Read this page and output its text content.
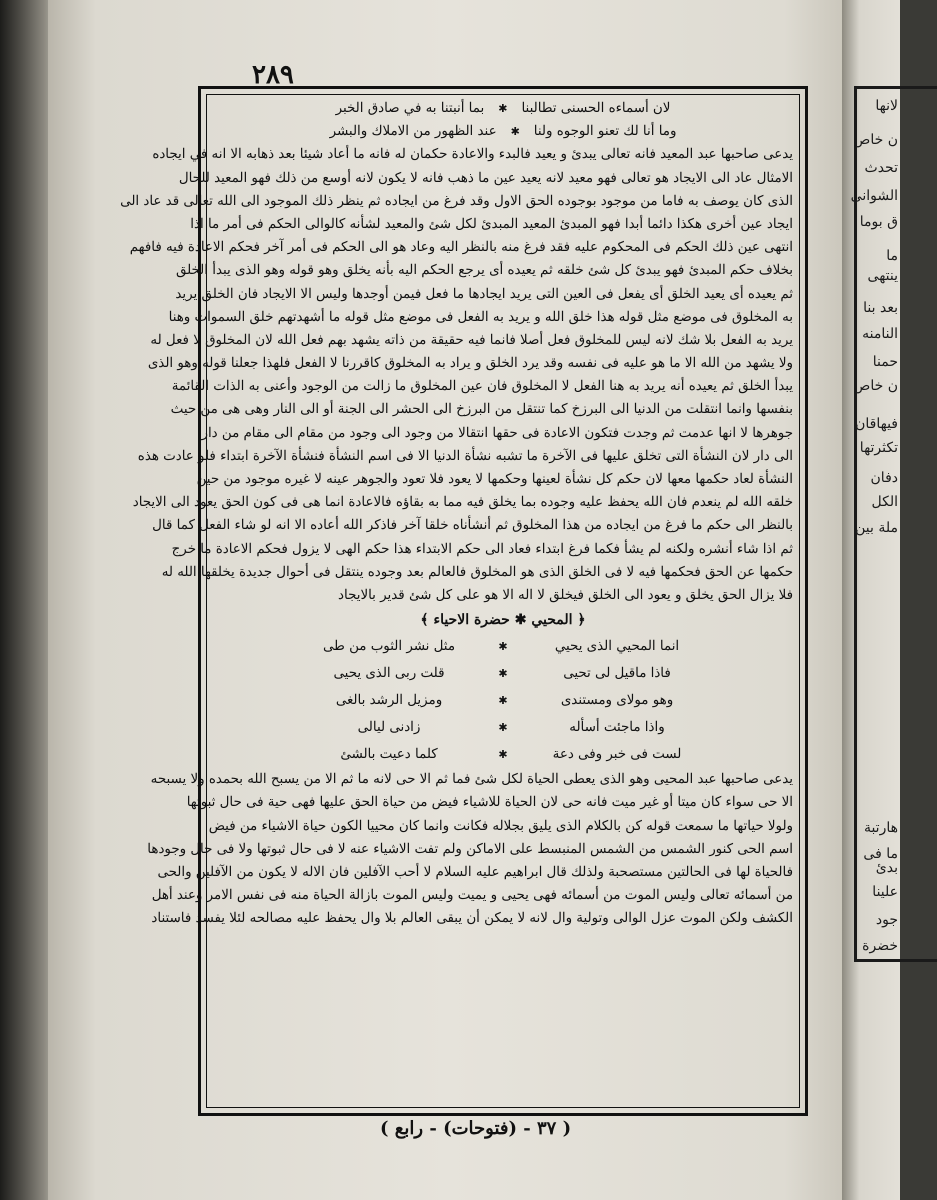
لانها
ن خاص
تحدث
الشوانى
ق بوما
ما
ينتهى
بعد بنا
النامنه
حمنا
ن خاص
فيهاقان
تكثرتها
دفان
الكل
ملة بين
هارتبة
ما فى
بدئ
علينا
جود
خضرة
٢٨٩
لان أسماءه الحسنى تطالبنا
✱
بما أنبتنا به في صادق الخبر
وما أنا لك تعنو الوجوه ولنا
✱
عند الظهور من الاملاك والبشر
يدعى صاحبها عبد المعيد فانه تعالى يبدئ و يعيد فالبدء والاعادة حكمان له فانه ما أعاد شيئا بعد ذهابه الا انه في ايجاده
الامثال عاد الى الايجاد هو تعالى فهو معيد لانه يعيد عين ما ذهب فانه لا يكون لانه أوسع من ذلك فهو المعيد للحال
الذى كان يوصف به فاما من موجود بوجوده الحق الاول وقد فرغ من ايجاده ثم ينظر ذلك الموجود الى الله تعالى قد عاد الى
ايجاد عين أخرى هكذا دائما أبدا فهو المبدئ المعيد المبدئ لكل شئ والمعيد لشأنه كالوالى الحكم فى أمر ما اذا
انتهى عين ذلك الحكم فى المحكوم عليه فقد فرغ منه بالنظر اليه وعاد هو الى الحكم فى أمر آخر فحكم الاعادة فيه فافهم
بخلاف حكم المبدئ فهو يبدئ كل شئ خلقه ثم يعيده أى يرجع الحكم اليه بأنه يخلق وهو قوله وهو الذى يبدأ الخلق
ثم يعيده أى يعيد الخلق أى يفعل فى العين التى يريد ايجادها ما فعل فيمن أوجدها وليس الا الايجاد فان الخلق يريد
به المخلوق فى موضع مثل قوله هذا خلق الله و يريد به الفعل فى موضع مثل قوله ما أشهدتهم خلق السموات وهنا
يريد به الفعل بلا شك لانه ليس للمخلوق فعل أصلا فانما فيه حقيقة من ذاته يشهد بهم فعل الله لان المخلوق لا فعل له
ولا يشهد من الله الا ما هو عليه فى نفسه وقد يرد الخلق و يراد به المخلوق كاقررنا لا الفعل فلهذا جعلنا قوله وهو الذى
يبدأ الخلق ثم يعيده أنه يريد به هنا الفعل لا المخلوق فان عين المخلوق ما زالت من الوجود وأعنى به الذات القائمة
بنفسها وانما انتقلت من الدنيا الى البرزخ كما تنتقل من البرزخ الى الحشر الى الجنة أو الى النار وهى هى من حيث
جوهرها لا انها عدمت ثم وجدت فتكون الاعادة فى حقها انتقالا من وجود الى وجود من مقام الى مقام من دار
الى دار لان النشأة التى تخلق عليها فى الآخرة ما تشبه نشأة الدنيا الا فى اسم النشأة فنشأة الآخرة ابتداء فلو عادت هذه
النشأة لعاد حكمها معها لان حكم كل نشأة لعينها وحكمها لا يعود فلا تعود والجوهر عينه لا غيره موجود من حين
خلقه الله لم ينعدم فان الله يحفظ عليه وجوده بما يخلق فيه مما به بقاؤه فالاعادة انما هى فى كون الحق يعود الى الايجاد
بالنظر الى حكم ما فرغ من ايجاده من هذا المخلوق ثم أنشأناه خلقا آخر فاذكر الله أعاده الا انه لو شاء الفعل كما قال
ثم اذا شاء أنشره ولكنه لم يشأ فكما فرغ ابتداء فعاد الى حكم الابتداء هذا حكم الهى لا يزول فحكم الاعادة ما خرج
حكمها عن الحق فحكمها فيه لا فى الخلق الذى هو المخلوق فالعالم بعد وجوده ينتقل فى أحوال جديدة يخلقها الله له
فلا يزال الحق يخلق و يعود الى الخلق فيخلق لا اله الا هو على كل شئ قدير بالايجاد
﴿ المحيي ✱ حضرة الاحياء ﴾
انما المحيي الذى يحيي
✱
مثل نشر الثوب من طى
فاذا ماقيل لى تحيى
✱
قلت ربى الذى يحيى
وهو مولاى ومستندى
✱
ومزيل الرشد بالغى
واذا ماجئت أسأله
✱
زادنى ليالى
لست فى خبر وفى دعة
✱
كلما دعيت بالشئ
يدعى صاحبها عبد المحيى وهو الذى يعطى الحياة لكل شئ فما ثم الا حى لانه ما ثم الا من يسبح الله بحمده ولا يسبحه
الا حى سواء كان ميتا أو غير ميت فانه حى لان الحياة للاشياء فيض من حياة الحق عليها فهى حية فى حال ثبوتها
ولولا حياتها ما سمعت قوله كن بالكلام الذى يليق بجلاله فكانت وانما كان محييا الكون حياة الاشياء من فيض
اسم الحى كنور الشمس من الشمس المنبسط على الاماكن ولم تفت الاشياء عنه لا فى حال ثبوتها ولا فى حال وجودها
فالحياة لها فى الحالتين مستصحبة ولذلك قال ابراهيم عليه السلام لا أحب الآفلين فان الاله لا يكون من الآفلين والحى
من أسمائه تعالى وليس الموت من أسمائه فهى يحيى و يميت وليس الموت بازالة الحياة منه فى نفس الامر وعند أهل
الكشف ولكن الموت عزل الوالى وتولية وال لانه لا يمكن أن يبقى العالم بلا وال يحفظ عليه مصالحه لئلا يفسد فاستناد
( ٣٧ - (فتوحات) - رابع )
